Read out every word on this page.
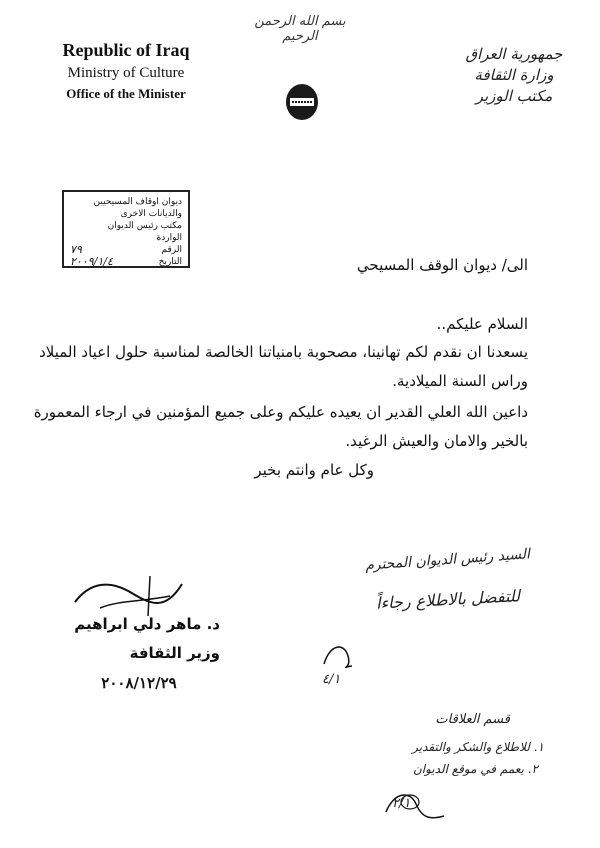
بسم الله الرحمن الرحيم
Republic of Iraq
Ministry of Culture
Office of the Minister
جمهورية العراق
وزارة الثقافة
مكتب الوزير
ديوان اوقاف المسيحيين والديانات الاخرى
مكتب رئيس الديوان
الواردة
الرقم
٧٩
التاريخ
٢٠٠٩/١/٤	الى/ ديوان الوقف المسيحي
السلام عليكم..
يسعدنا ان نقدم لكم تهانينا، مصحوبة بامنياتنا الخالصة لمناسبة حلول اعياد الميلاد وراس السنة الميلادية.
داعين الله العلي القدير ان يعيده عليكم وعلى جميع المؤمنين في ارجاء المعمورة بالخير والامان والعيش الرغيد.
وكل عام وانتم بخير
د. ماهر دلي ابراهيم
وزير الثقافة
٢٠٠٨/١٢/٢٩
السيد رئيس الديوان المحترم
للتفضل بالاطلاع رجاءاً
٤/١
قسم العلاقات
١. للاطلاع والشكر والتقدير
٢. يعمم في موقع الديوان
٢/١
